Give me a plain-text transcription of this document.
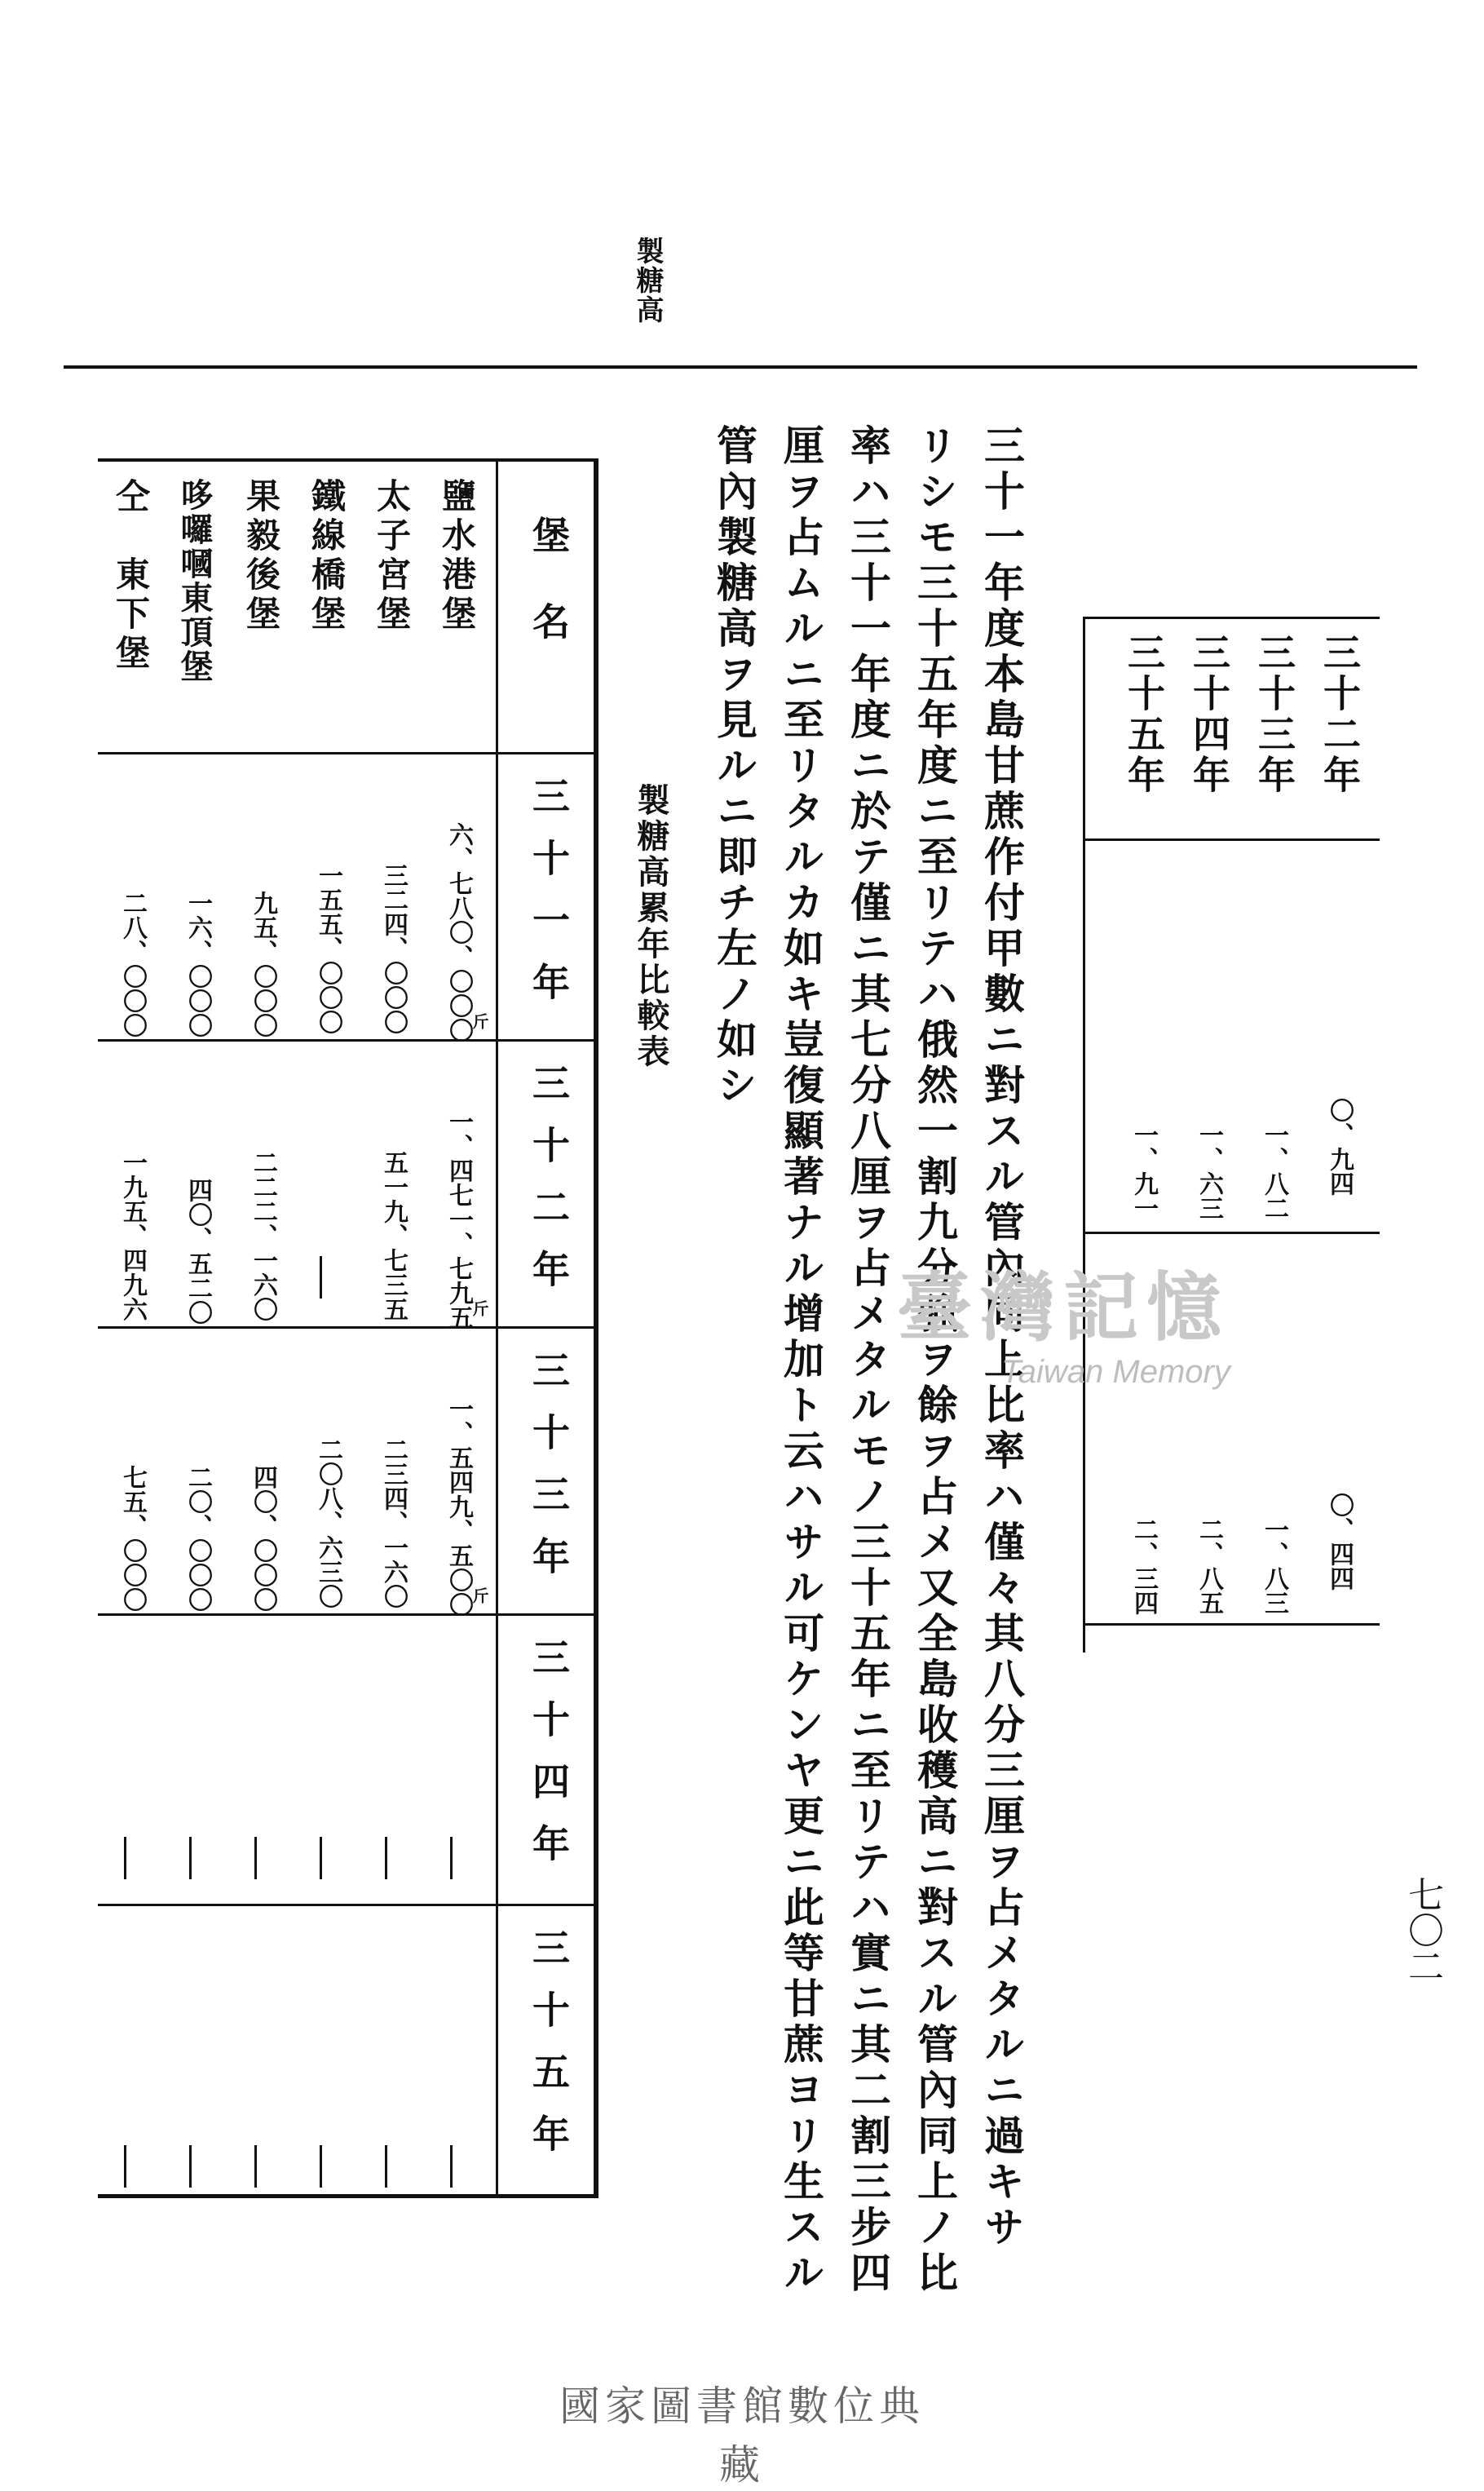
製糖高
七〇二
三十一年度本島甘蔗作付甲數ニ對スル管內同上比率ハ僅々其八分三厘ヲ占メタルニ過キサ
リシモ三十五年度ニ至リテハ俄然一割九分強ヲ餘ヲ占メ又全島收穫高ニ對スル管內同上ノ比
率ハ三十一年度ニ於テ僅ニ其七分八厘ヲ占メタルモノ三十五年ニ至リテハ實ニ其二割三步四
厘ヲ占ムルニ至リタルカ如キ豈復顯著ナル增加ト云ハサル可ケンヤ更ニ此等甘蔗ヨリ生スル
管內製糖高ヲ見ルニ即チ左ノ如シ
製糖高累年比較表
三十二年
三十三年
三十四年
三十五年
〇、九四
一、八二
一、六三
一、九一
〇、四四
一、八三
二、八五
二、三四
堡名
三十一年
三十二年
三十三年
三十四年
三十五年
鹽水港堡
太子宮堡
鐵線橋堡
果毅後堡
哆囉嘓東頂堡
仝　東下堡
斤
斤
斤
六、七八〇、〇〇〇
三二四、〇〇〇
一五五、〇〇〇
九五、〇〇〇
一六、〇〇〇
二八、〇〇〇
一、四七一、七九五
五一九、七三五
二二二、一六〇
四〇、五二〇
一九五、四九六
一、五四九、五〇〇
二三四、一六〇
二〇八、六三〇
四〇、〇〇〇
二〇、〇〇〇
七五、〇〇〇
臺灣記憶
Taiwan Memory
國家圖書館數位典藏
